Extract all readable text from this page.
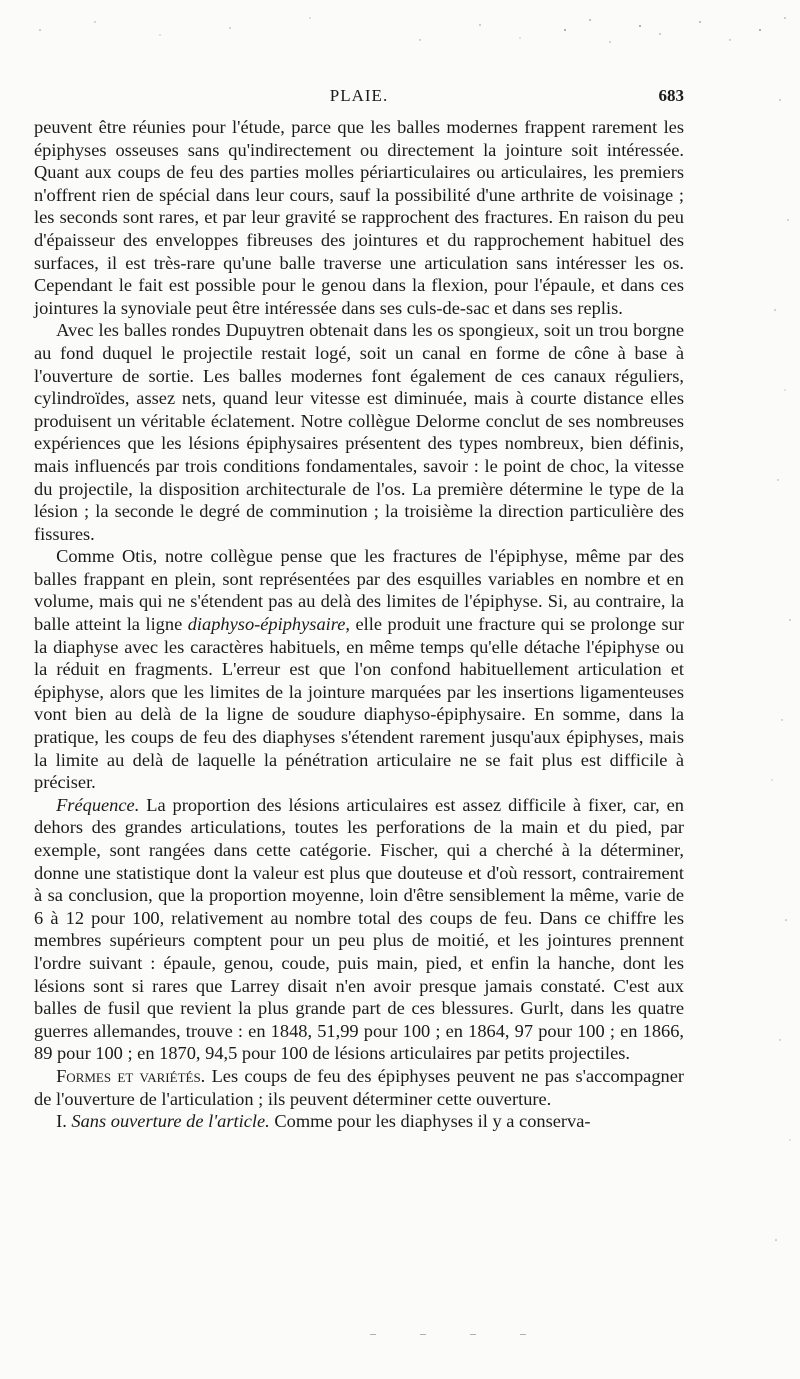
PLAIE.	683

peuvent être réunies pour l'étude, parce que les balles modernes frappent rarement les épiphyses osseuses sans qu'indirectement ou directement la jointure soit intéressée. Quant aux coups de feu des parties molles périarticulaires ou articulaires, les premiers n'offrent rien de spécial dans leur cours, sauf la possibilité d'une arthrite de voisinage ; les seconds sont rares, et par leur gravité se rapprochent des fractures. En raison du peu d'épaisseur des enveloppes fibreuses des jointures et du rapprochement habituel des surfaces, il est très-rare qu'une balle traverse une articulation sans intéresser les os. Cependant le fait est possible pour le genou dans la flexion, pour l'épaule, et dans ces jointures la synoviale peut être intéressée dans ses culs-de-sac et dans ses replis.

Avec les balles rondes Dupuytren obtenait dans les os spongieux, soit un trou borgne au fond duquel le projectile restait logé, soit un canal en forme de cône à base à l'ouverture de sortie. Les balles modernes font également de ces canaux réguliers, cylindroïdes, assez nets, quand leur vitesse est diminuée, mais à courte distance elles produisent un véritable éclatement. Notre collègue Delorme conclut de ses nombreuses expériences que les lésions épiphysaires présentent des types nombreux, bien définis, mais influencés par trois conditions fondamentales, savoir : le point de choc, la vitesse du projectile, la disposition architecturale de l'os. La première détermine le type de la lésion ; la seconde le degré de comminution ; la troisième la direction particulière des fissures.

Comme Otis, notre collègue pense que les fractures de l'épiphyse, même par des balles frappant en plein, sont représentées par des esquilles variables en nombre et en volume, mais qui ne s'étendent pas au delà des limites de l'épiphyse. Si, au contraire, la balle atteint la ligne diaphyso-épiphysaire, elle produit une fracture qui se prolonge sur la diaphyse avec les caractères habituels, en même temps qu'elle détache l'épiphyse ou la réduit en fragments. L'erreur est que l'on confond habituellement articulation et épiphyse, alors que les limites de la jointure marquées par les insertions ligamenteuses vont bien au delà de la ligne de soudure diaphyso-épiphysaire. En somme, dans la pratique, les coups de feu des diaphyses s'étendent rarement jusqu'aux épiphyses, mais la limite au delà de laquelle la pénétration articulaire ne se fait plus est difficile à préciser.

Fréquence. La proportion des lésions articulaires est assez difficile à fixer, car, en dehors des grandes articulations, toutes les perforations de la main et du pied, par exemple, sont rangées dans cette catégorie. Fischer, qui a cherché à la déterminer, donne une statistique dont la valeur est plus que douteuse et d'où ressort, contrairement à sa conclusion, que la proportion moyenne, loin d'être sensiblement la même, varie de 6 à 12 pour 100, relativement au nombre total des coups de feu. Dans ce chiffre les membres supérieurs comptent pour un peu plus de moitié, et les jointures prennent l'ordre suivant : épaule, genou, coude, puis main, pied, et enfin la hanche, dont les lésions sont si rares que Larrey disait n'en avoir presque jamais constaté. C'est aux balles de fusil que revient la plus grande part de ces blessures. Gurlt, dans les quatre guerres allemandes, trouve : en 1848, 51,99 pour 100 ; en 1864, 97 pour 100 ; en 1866, 89 pour 100 ; en 1870, 94,5 pour 100 de lésions articulaires par petits projectiles.

Formes et variétés. Les coups de feu des épiphyses peuvent ne pas s'accompagner de l'ouverture de l'articulation ; ils peuvent déterminer cette ouverture.

I. Sans ouverture de l'article. Comme pour les diaphyses il y a conserva-
